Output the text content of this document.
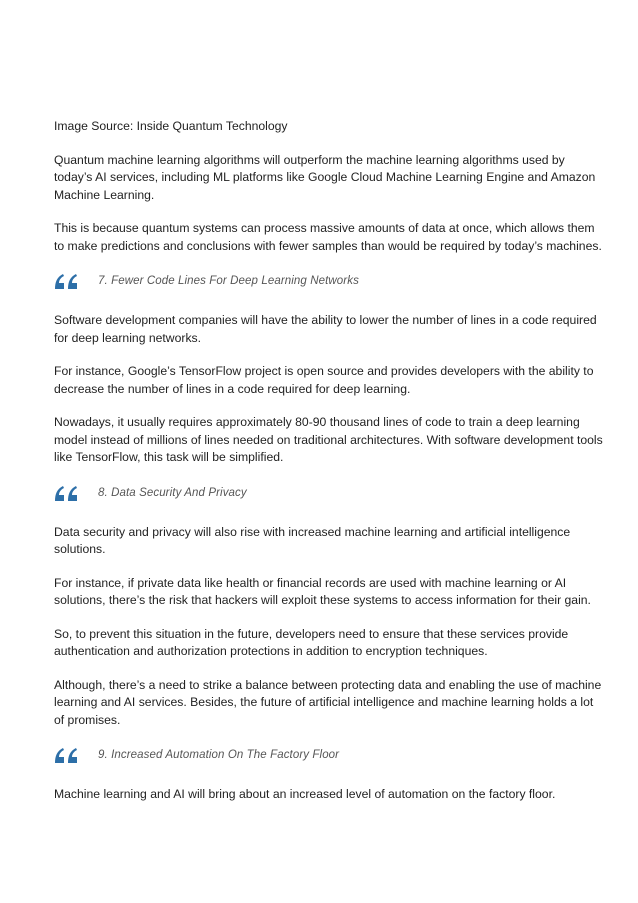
Image Source: Inside Quantum Technology

Quantum machine learning algorithms will outperform the machine learning algorithms used by today’s AI services, including ML platforms like Google Cloud Machine Learning Engine and Amazon Machine Learning.

This is because quantum systems can process massive amounts of data at once, which allows them to make predictions and conclusions with fewer samples than would be required by today’s machines.

7. Fewer Code Lines For Deep Learning Networks

Software development companies will have the ability to lower the number of lines in a code required for deep learning networks.

For instance, Google’s TensorFlow project is open source and provides developers with the ability to decrease the number of lines in a code required for deep learning.

Nowadays, it usually requires approximately 80-90 thousand lines of code to train a deep learning model instead of millions of lines needed on traditional architectures. With software development tools like TensorFlow, this task will be simplified.

8. Data Security And Privacy

Data security and privacy will also rise with increased machine learning and artificial intelligence solutions.

For instance, if private data like health or financial records are used with machine learning or AI solutions, there’s the risk that hackers will exploit these systems to access information for their gain.

So, to prevent this situation in the future, developers need to ensure that these services provide authentication and authorization protections in addition to encryption techniques.

Although, there’s a need to strike a balance between protecting data and enabling the use of machine learning and AI services. Besides, the future of artificial intelligence and machine learning holds a lot of promises.

9. Increased Automation On The Factory Floor

Machine learning and AI will bring about an increased level of automation on the factory floor.
